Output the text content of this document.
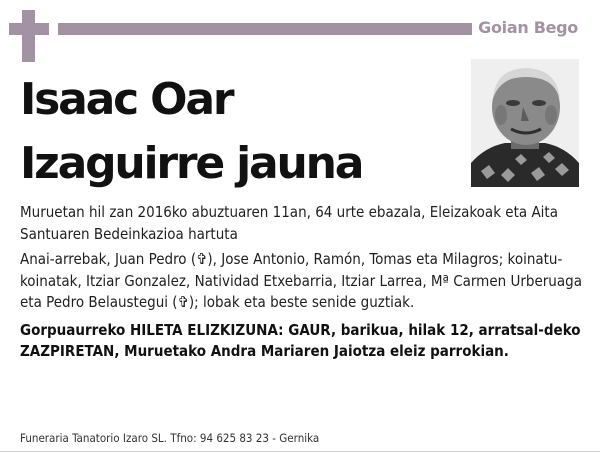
Goian Bego
Isaac Oar
Izaguirre jauna

Muruetan hil zan 2016ko abuztuaren 11an, 64 urte ebazala, Eleizakoak eta Aita Santuaren Bedeinkazioa hartuta

Anai-arrebak, Juan Pedro (✞), Jose Antonio, Ramón, Tomas eta Milagros; koinatu-koinatak, Itziar Gonzalez, Natividad Etxebarria, Itziar Larrea, Mª Carmen Urberuaga eta Pedro Belaustegui (✞); lobak eta beste senide guztiak.

Gorpuaurreko HILETA ELIZKIZUNA: GAUR, barikua, hilak 12, arratsal-deko ZAZPIRETAN, Muruetako Andra Mariaren Jaiotza eleiz parrokian.

Funeraria Tanatorio Izaro SL. Tfno: 94 625 83 23 - Gernika
